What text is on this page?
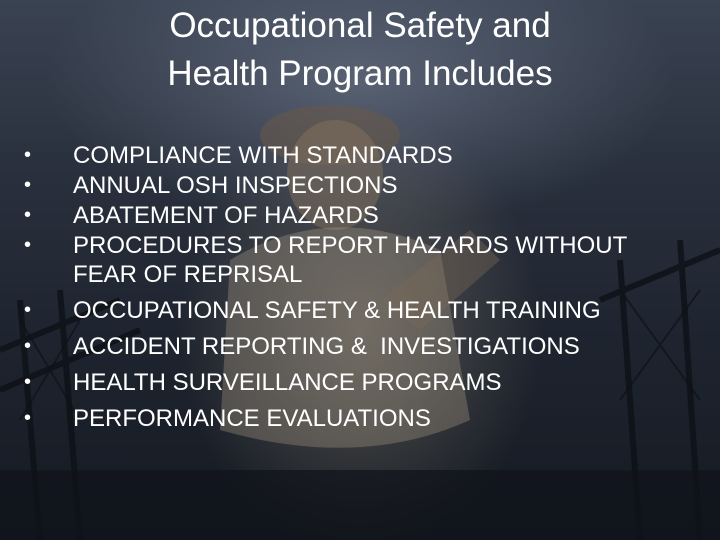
Occupational Safety and
Health Program Includes
• COMPLIANCE WITH STANDARDS
• ANNUAL OSH INSPECTIONS
• ABATEMENT OF HAZARDS
• PROCEDURES TO REPORT HAZARDS WITHOUT FEAR OF REPRISAL
• OCCUPATIONAL SAFETY & HEALTH TRAINING
• ACCIDENT REPORTING &  INVESTIGATIONS
• HEALTH SURVEILLANCE PROGRAMS
• PERFORMANCE EVALUATIONS
